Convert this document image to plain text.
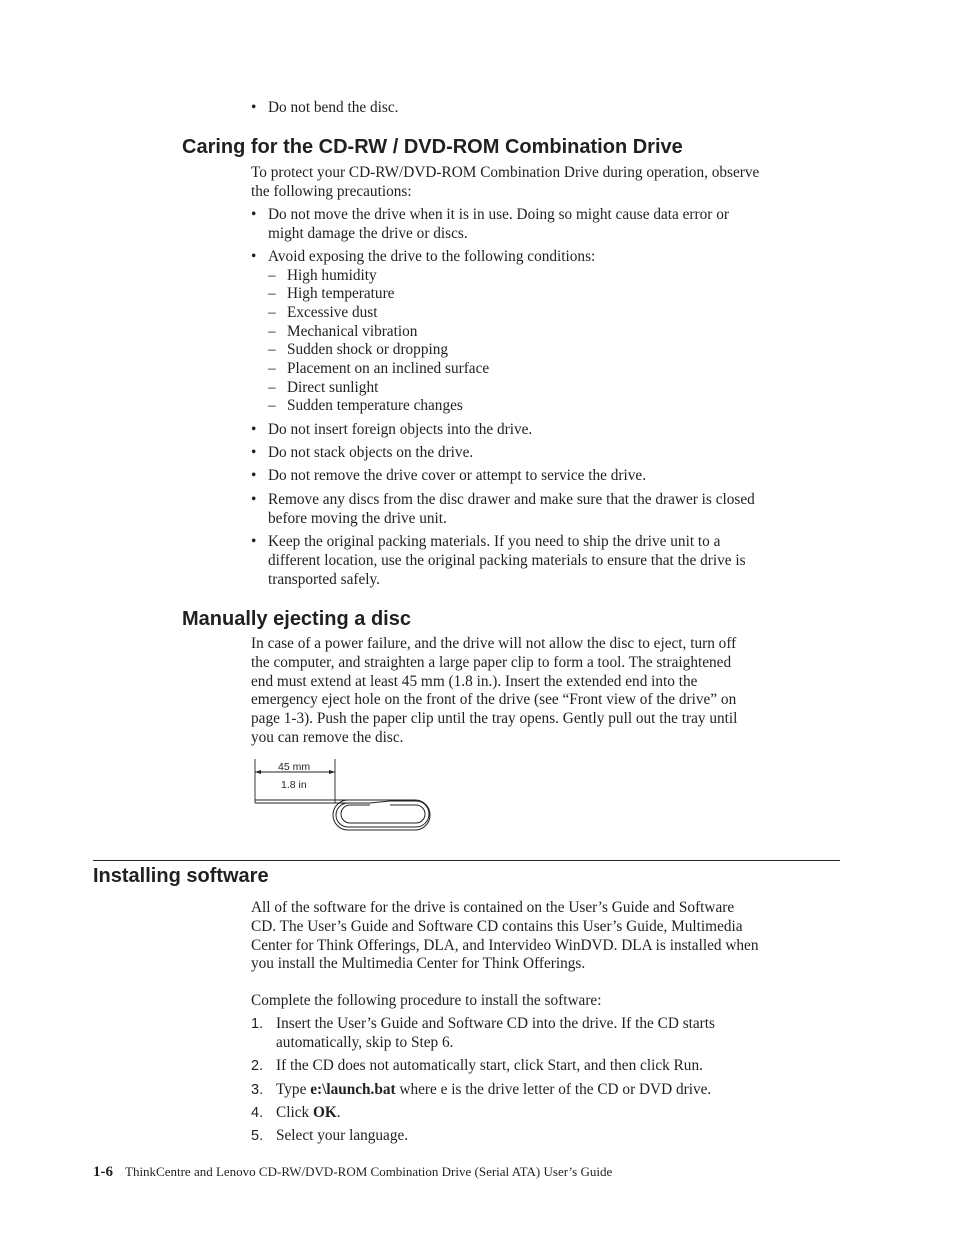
• Do not bend the disc.
Caring for the CD-RW / DVD-ROM Combination Drive
To protect your CD-RW/DVD-ROM Combination Drive during operation, observe
the following precautions:
• Do not move the drive when it is in use. Doing so might cause data error or
might damage the drive or discs.
• Avoid exposing the drive to the following conditions:
– High humidity
– High temperature
– Excessive dust
– Mechanical vibration
– Sudden shock or dropping
– Placement on an inclined surface
– Direct sunlight
– Sudden temperature changes
• Do not insert foreign objects into the drive.
• Do not stack objects on the drive.
• Do not remove the drive cover or attempt to service the drive.
• Remove any discs from the disc drawer and make sure that the drawer is closed
before moving the drive unit.
• Keep the original packing materials. If you need to ship the drive unit to a
different location, use the original packing materials to ensure that the drive is
transported safely.
Manually ejecting a disc
In case of a power failure, and the drive will not allow the disc to eject, turn off
the computer, and straighten a large paper clip to form a tool. The straightened
end must extend at least 45 mm (1.8 in.). Insert the extended end into the
emergency eject hole on the front of the drive (see “Front view of the drive” on
page 1-3). Push the paper clip until the tray opens. Gently pull out the tray until
you can remove the disc.
45 mm
1.8 in
Installing software
All of the software for the drive is contained on the User’s Guide and Software
CD. The User’s Guide and Software CD contains this User’s Guide, Multimedia
Center for Think Offerings, DLA, and Intervideo WinDVD. DLA is installed when
you install the Multimedia Center for Think Offerings.
Complete the following procedure to install the software:
1. Insert the User’s Guide and Software CD into the drive. If the CD starts
automatically, skip to Step 6.
2. If the CD does not automatically start, click Start, and then click Run.
3. Type e:\launch.bat where e is the drive letter of the CD or DVD drive.
4. Click OK.
5. Select your language.
1-6 ThinkCentre and Lenovo CD-RW/DVD-ROM Combination Drive (Serial ATA) User’s Guide
